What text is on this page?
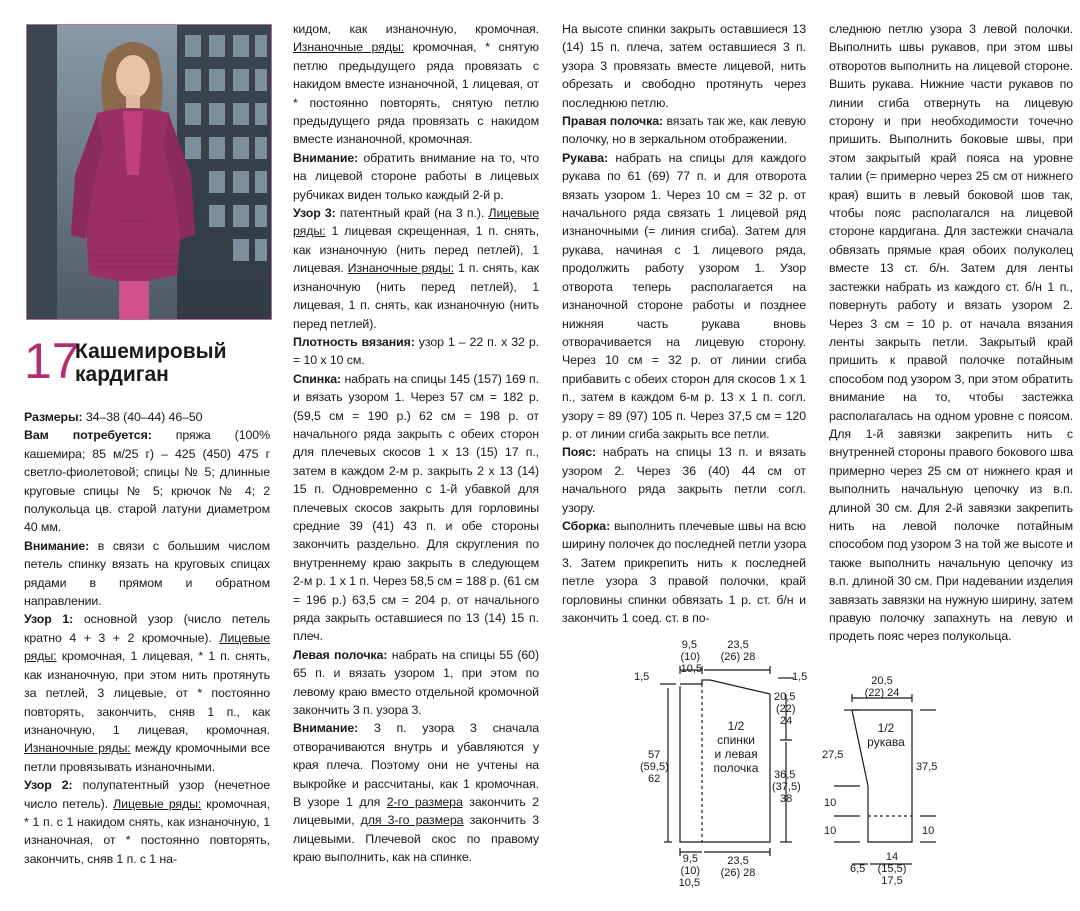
17
Кашемировый
кардиган

Размеры: 34–38 (40–44) 46–50

Вам потребуется: пряжа (100% кашемира; 85 м/25 г) – 425 (450) 475 г светло-фиолетовой; спицы № 5; длинные круговые спицы № 5; крючок № 4; 2 полукольца цв. старой латуни диаметром 40 мм.

Внимание: в связи с большим числом петель спинку вязать на круговых спицах рядами в прямом и обратном направлении.

Узор 1: основной узор (число петель кратно 4 + 3 + 2 кромочные). Лицевые ряды: кромочная, 1 лицевая, * 1 п. снять, как изнаночную, при этом нить протянуть за петлей, 3 лицевые, от * постоянно повторять, закончить, сняв 1 п., как изнаночную, 1 лицевая, кромочная. Изнаночные ряды: между кромочными все петли провязывать изнаночными.

Узор 2: полупатентный узор (нечетное число петель). Лицевые ряды: кромочная, * 1 п. с 1 накидом снять, как изнаночную, 1 изнаночная, от * постоянно повторять, закончить, сняв 1 п. с 1 на-

кидом, как изнаночную, кромочная. Изнаночные ряды: кромочная, * снятую петлю предыдущего ряда провязать с накидом вместе изнаночной, 1 лицевая, от * постоянно повторять, снятую петлю предыдущего ряда провязать с накидом вместе изнаночной, кромочная.

Внимание: обратить внимание на то, что на лицевой стороне работы в лицевых рубчиках виден только каждый 2-й р.

Узор 3: патентный край (на 3 п.). Лицевые ряды: 1 лицевая скрещенная, 1 п. снять, как изнаночную (нить перед петлей), 1 лицевая. Изнаночные ряды: 1 п. снять, как изнаночную (нить перед петлей), 1 лицевая, 1 п. снять, как изнаночную (нить перед петлей).

Плотность вязания: узор 1 – 22 п. х 32 р. = 10 х 10 см.

Спинка: набрать на спицы 145 (157) 169 п. и вязать узором 1. Через 57 см = 182 р. (59,5 см = 190 р.) 62 см = 198 р. от начального ряда закрыть с обеих сторон для плечевых скосов 1 х 13 (15) 17 п., затем в каждом 2-м р. закрыть 2 х 13 (14) 15 п. Одновременно с 1-й убавкой для плечевых скосов закрыть для горловины средние 39 (41) 43 п. и обе стороны закончить раздельно. Для скругления по внутреннему краю закрыть в следующем 2-м р. 1 х 1 п. Через 58,5 см = 188 р. (61 см = 196 р.) 63,5 см = 204 р. от начального ряда закрыть оставшиеся по 13 (14) 15 п. плеч.

Левая полочка: набрать на спицы 55 (60) 65 п. и вязать узором 1, при этом по левому краю вместо отдельной кромочной закончить 3 п. узора 3.

Внимание: 3 п. узора 3 сначала отворачиваются внутрь и убавляются у края плеча. Поэтому они не учтены на выкройке и рассчитаны, как 1 кромочная. В узоре 1 для 2-го размера закончить 2 лицевыми, для 3-го размера закончить 3 лицевыми. Плечевой скос по правому краю выполнить, как на спинке.

На высоте спинки закрыть оставшиеся 13 (14) 15 п. плеча, затем оставшиеся 3 п. узора 3 провязать вместе лицевой, нить обрезать и свободно протянуть через последнюю петлю.

Правая полочка: вязать так же, как левую полочку, но в зеркальном отображении.

Рукава: набрать на спицы для каждого рукава по 61 (69) 77 п. и для отворота вязать узором 1. Через 10 см = 32 р. от начального ряда связать 1 лицевой ряд изнаночными (= линия сгиба). Затем для рукава, начиная с 1 лицевого ряда, продолжить работу узором 1. Узор отворота теперь располагается на изнаночной стороне работы и позднее нижняя часть рукава вновь отворачивается на лицевую сторону. Через 10 см = 32 р. от линии сгиба прибавить с обеих сторон для скосов 1 х 1 п., затем в каждом 6-м р. 13 х 1 п. согл. узору = 89 (97) 105 п. Через 37,5 см = 120 р. от линии сгиба закрыть все петли.

Пояс: набрать на спицы 13 п. и вязать узором 2. Через 36 (40) 44 см от начального ряда закрыть петли согл. узору.

Сборка: выполнить плечевые швы на всю ширину полочек до последней петли узора 3. Затем прикрепить нить к последней петле узора 3 правой полочки, край горловины спинки обвязать 1 р. ст. б/н и закончить 1 соед. ст. в по-

следнюю петлю узора 3 левой полочки. Выполнить швы рукавов, при этом швы отворотов выполнить на лицевой стороне. Вшить рукава. Нижние части рукавов по линии сгиба отвернуть на лицевую сторону и при необходимости точечно пришить. Выполнить боковые швы, при этом закрытый край пояса на уровне талии (= примерно через 25 см от нижнего края) вшить в левый боковой шов так, чтобы пояс располагался на лицевой стороне кардигана. Для застежки сначала обвязать прямые края обоих полуколец вместе 13 ст. б/н. Затем для ленты застежки набрать из каждого ст. б/н 1 п., повернуть работу и вязать узором 2. Через 3 см = 10 р. от начала вязания ленты закрыть петли. Закрытый край пришить к правой полочке потайным способом под узором 3, при этом обратить внимание на то, чтобы застежка располагалась на одном уровне с поясом. Для 1-й завязки закрепить нить с внутренней стороны правого бокового шва примерно через 25 см от нижнего края и выполнить начальную цепочку из в.п. длиной 30 см. Для 2-й завязки закрепить нить на левой полочке потайным способом под узором 3 на той же высоте и также выполнить начальную цепочку из в.п. длиной 30 см. При надевании изделия завязать завязки на нужную ширину, затем правую полочку запахнуть на левую и продеть пояс через полукольца.

9,5
(10)
10,5
23,5
(26) 28
1,5	1,5
20,5
(22)
24
57
(59,5)
62
1/2
спинки
и левая
полочка 36,5
(37,5)
38
9,5
(10)
10,5
23,5
(26) 28
20,5
(22) 24
1/2
рукава
27,5
37,5
10
10	10
6,5
14
(15,5)
17,5
